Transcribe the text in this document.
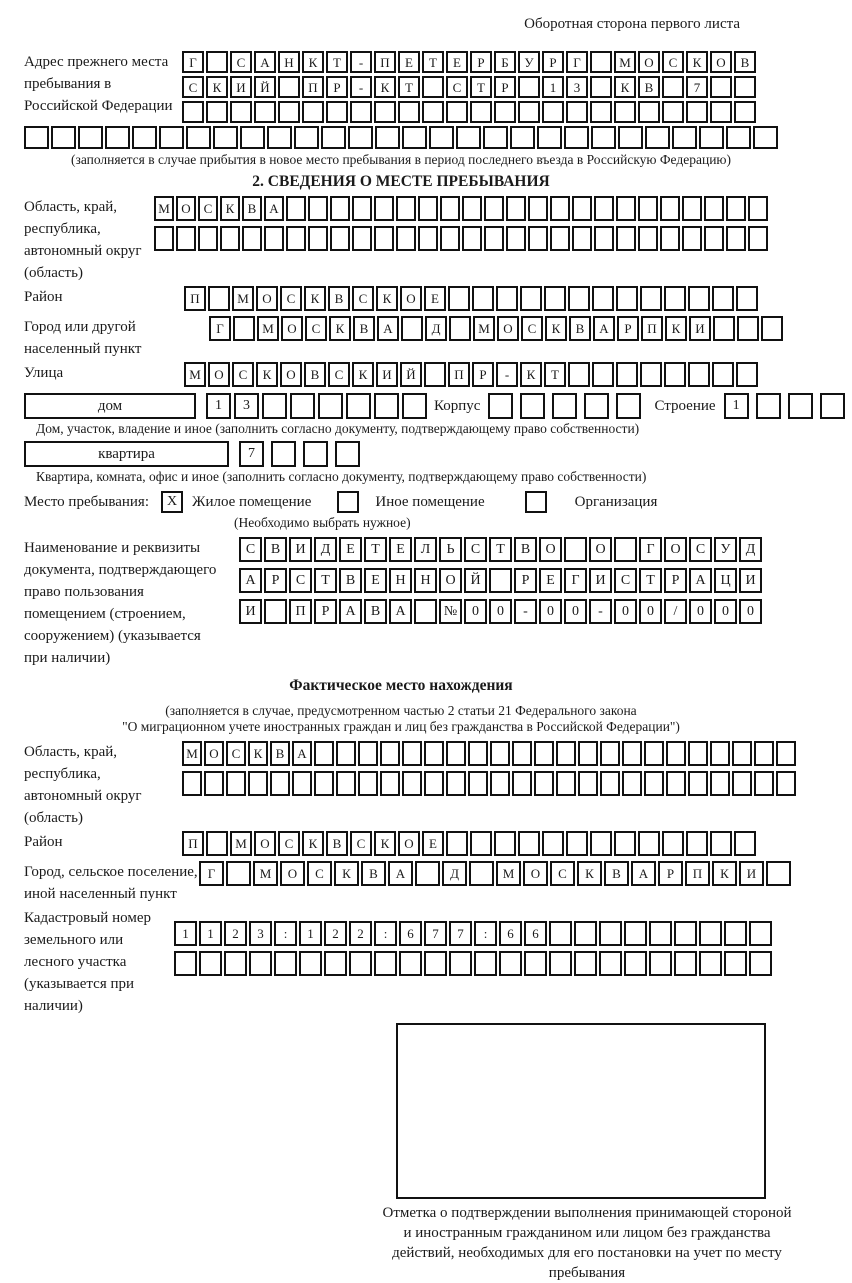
Оборотная сторона первого листа
Адрес прежнего места пребывания в Российской Федерации
Г	С	А	Н	К	Т	-	П	Е	Т	Е	Р	Б	У	Р	Г	М	О	С	К	О	В
С	К	И	Й	П	Р	-	К	Т	С	Т	Р	1	3	К	В	7
(заполняется в случае прибытия в новое место пребывания в период последнего въезда в Российскую Федерацию)
2. СВЕДЕНИЯ О МЕСТЕ ПРЕБЫВАНИЯ
Область, край, республика, автономный округ (область)
М О С	К	В А
Район	П	М	О	С	К	В	С	К	О	Е
Город или другой населенный пункт
Г	М	О	С	К	В	А	Д	М	О	С	К	В	А	Р	П	К	И
Улица	М	О	С	К	О	В	С	К	И	Й	П	Р	-	К	Т
дом	1	3	Корпус	Строение	1
Дом, участок, владение и иное (заполнить согласно документу, подтверждающему право собственности)
квартира	7
Квартира, комната, офис и иное (заполнить согласно документу, подтверждающему право собственности)
Место пребывания:	X Жилое помещение	Иное помещение	Организация
(Необходимо выбрать нужное)
Наименование и реквизиты документа, подтверждающего право пользования помещением (строением, сооружением) (указывается при наличии)
С	В	И	Д	Е	Т	Е	Л	Ь	С	Т	В	О	О	Г	О	С	У	Д
А	Р	С	Т	В	Е	Н	Н	О	Й	Р	Е	Г	И	С	Т	Р	А	Ц	И
И	П	Р	А	В	А	№	0	0	-	0	0	-	0	0	/	0	0	0
Фактическое место нахождения
(заполняется в случае, предусмотренном частью 2 статьи 21 Федерального закона
"О миграционном учете иностранных граждан и лиц без гражданства в Российской Федерации")
Область, край, республика, автономный округ (область)
М О С	К	В А
Район	П	М	О	С	К	В	С	К	О	Е
Город, сельское поселение, иной населенный пункт
Г	М	О	С	К	В	А	Д	М	О	С	К	В	А	Р	П	К	И
Кадастровый номер земельного или лесного участка (указывается при наличии)
1	1	2	3	:	1	2	2	:	6	7	7	:	6	6
Отметка о подтверждении выполнения принимающей стороной и иностранным гражданином или лицом без гражданства действий, необходимых для его постановки на учет по месту пребывания
